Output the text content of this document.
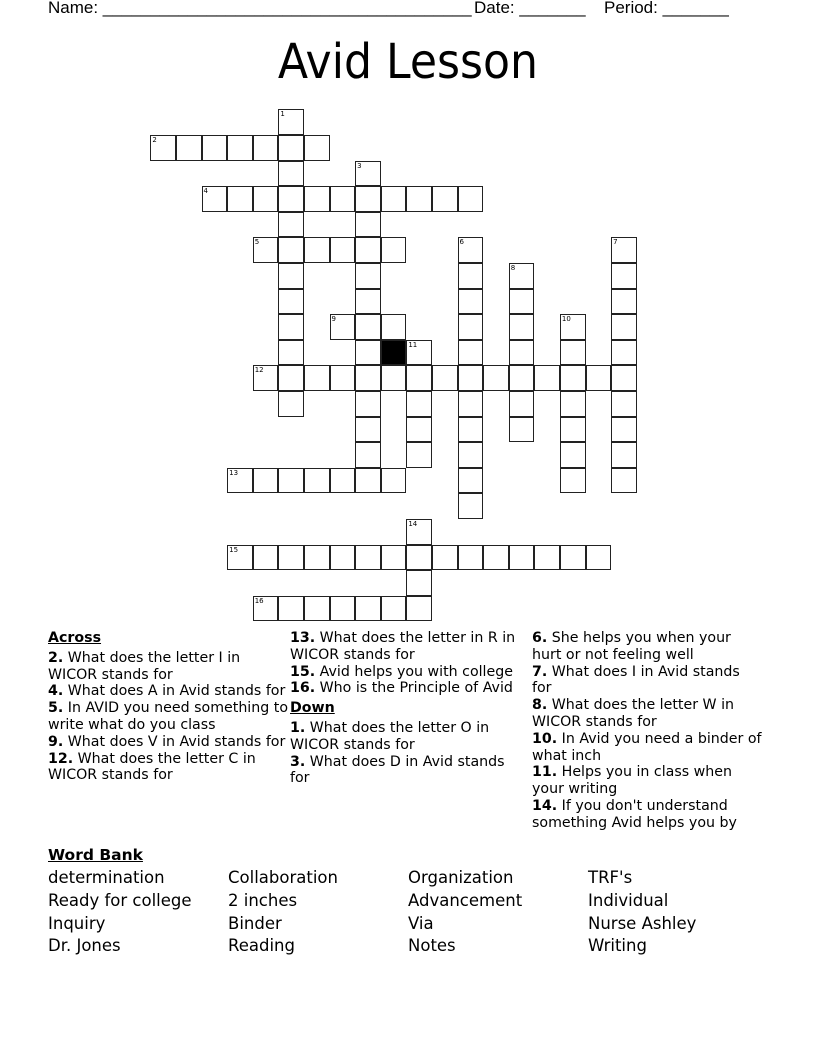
Name: _______________________________________ Date: _______ Period: _______
Avid Lesson
1
2
3
4
5	6	7
8
9	10
11
12
13
14
15
16
Across
2. What does the letter I in WICOR stands for
4. What does A in Avid stands for
5. In AVID you need something to write what do you class
9. What does V in Avid stands for
12. What does the letter C in WICOR stands for
13. What does the letter in R in WICOR stands for
15. Avid helps you with college
16. Who is the Principle of Avid
Down
1. What does the letter O in WICOR stands for
3. What does D in Avid stands for
6. She helps you when your hurt or not feeling well
7. What does I in Avid stands for
8. What does the letter W in WICOR stands for
10. In Avid you need a binder of what inch
11. Helps you in class when your writing
14. If you don't understand something Avid helps you by
Word Bank
determination
Ready for college
Inquiry
Dr. Jones
Collaboration
2 inches
Binder
Reading
Organization
Advancement
Via
Notes
TRF's
Individual
Nurse Ashley
Writing
